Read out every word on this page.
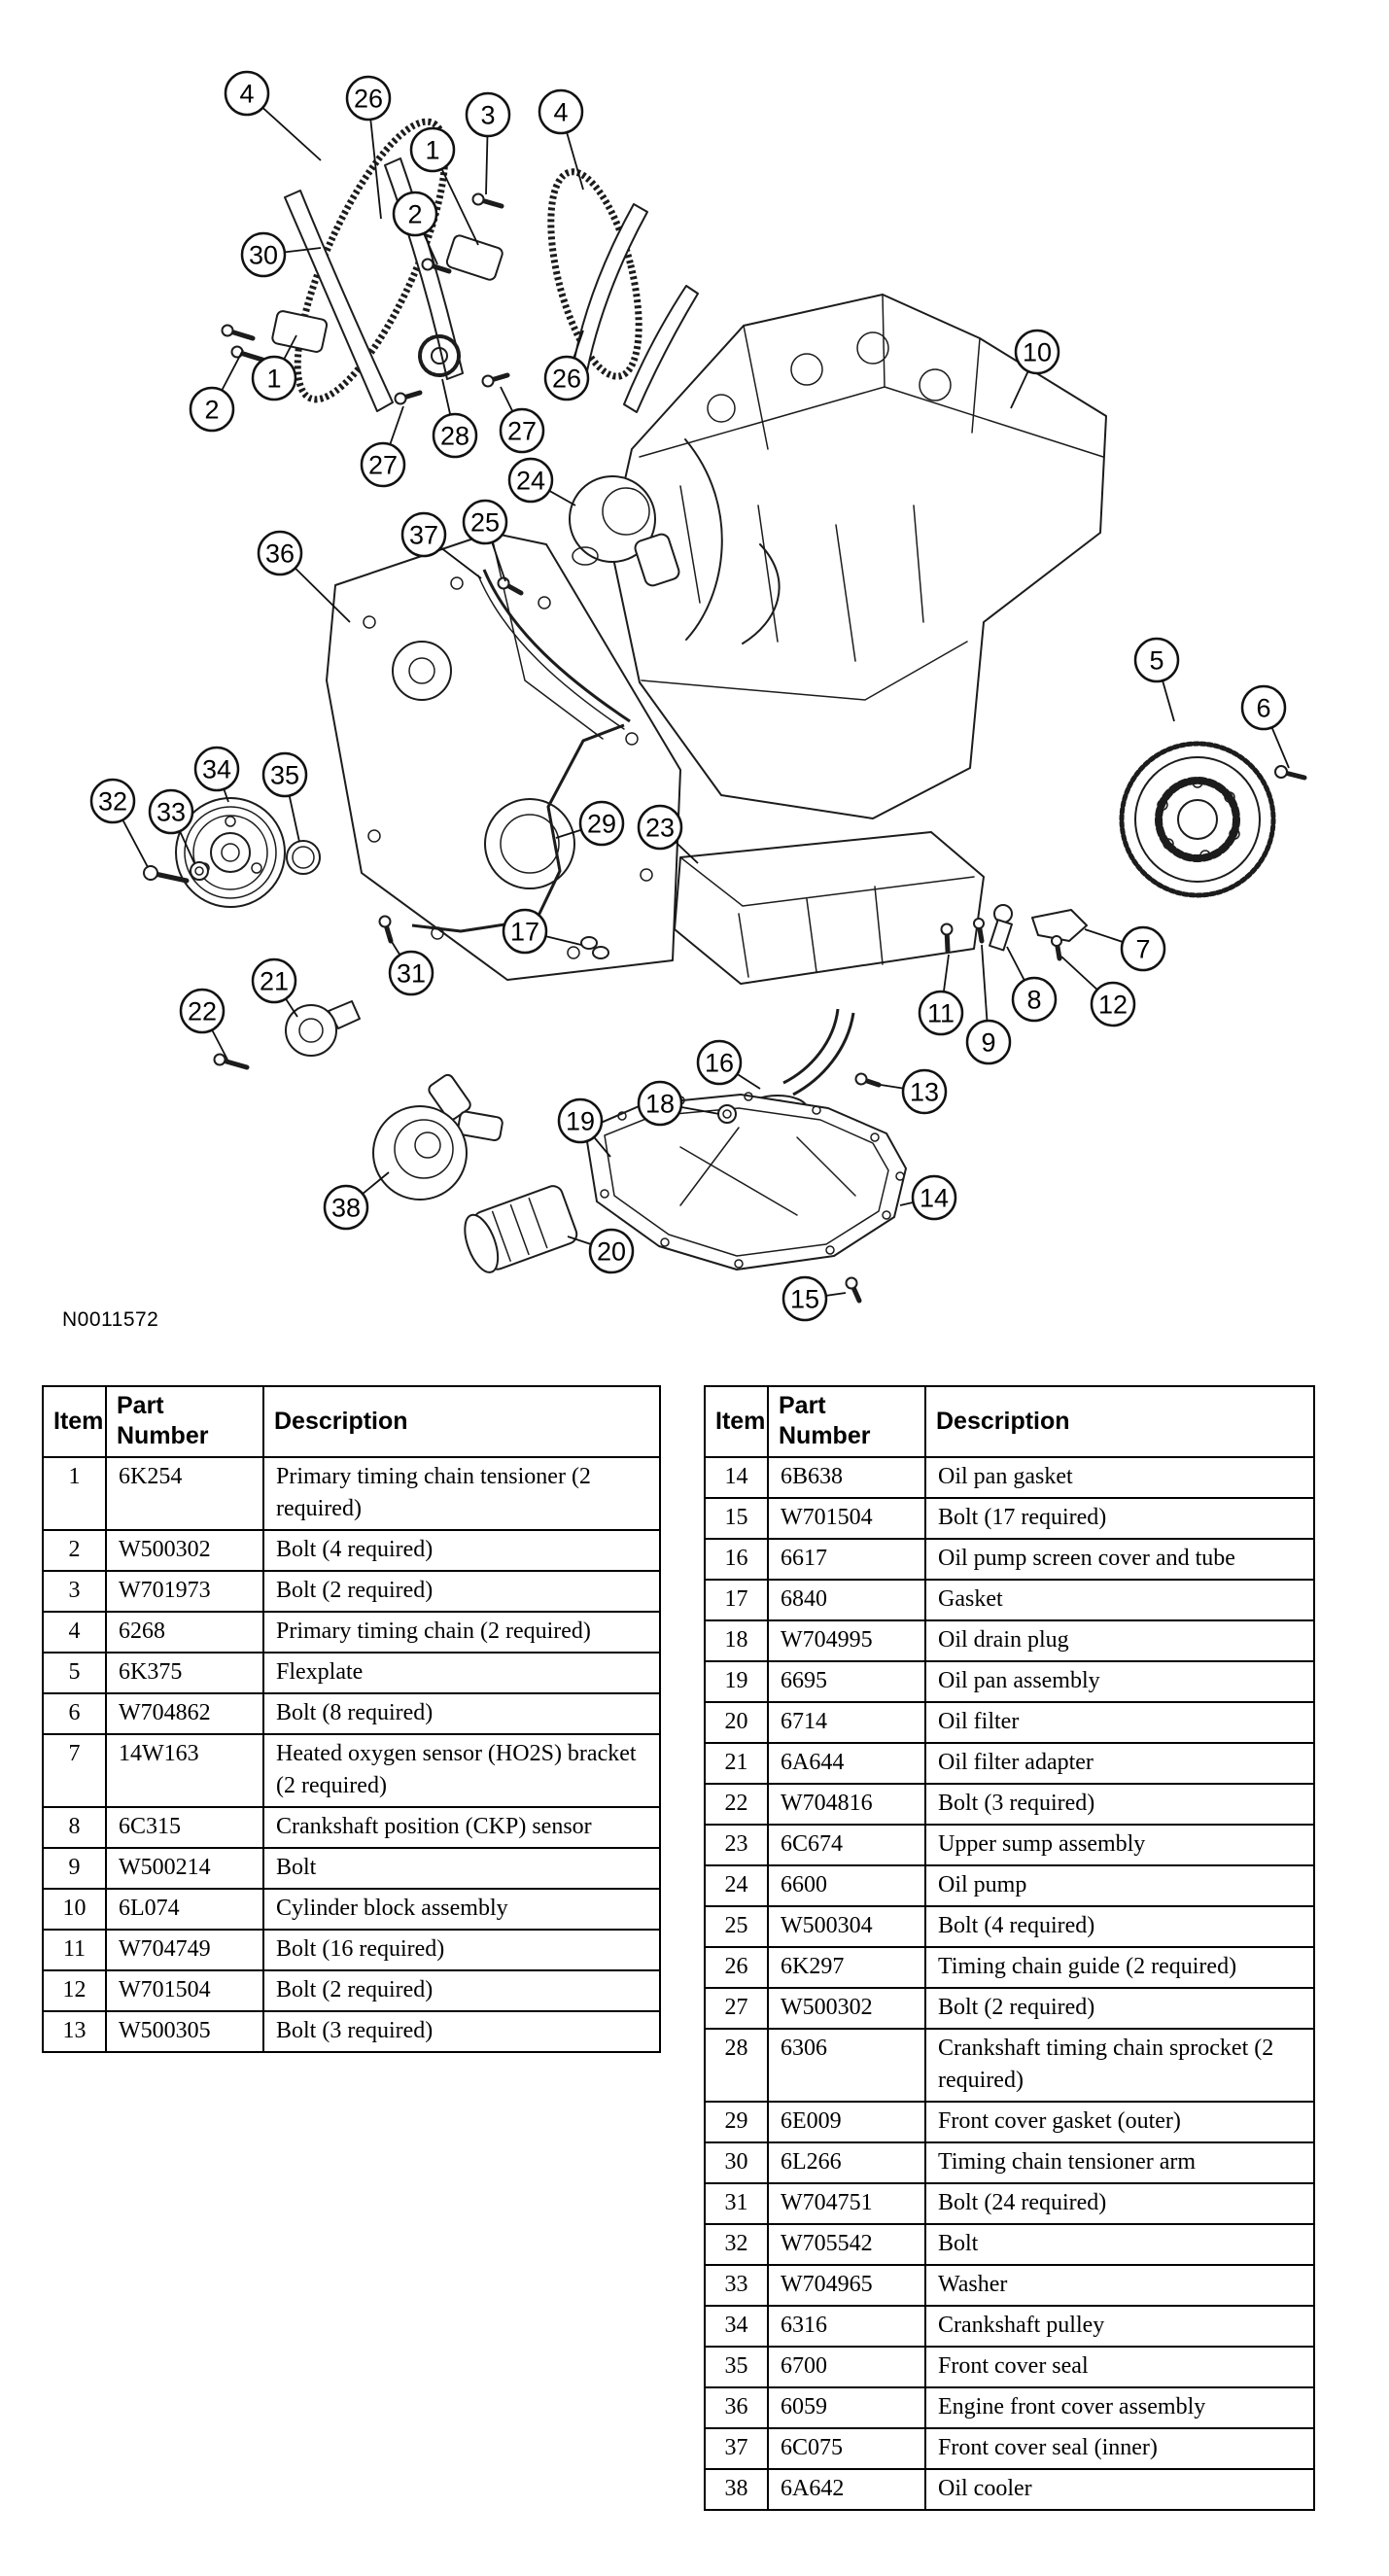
4	26
3 4
1
2
30
1
2
26
27
28 27
24
10
36
37 25
5
6
34 35
32 33	29 23
17
31
7
8 12
11
9
22
21
16
13
18
19
14
38
20
15
N0011572
Item	Part Number	Description
1	6K254	Primary timing chain tensioner (2 required)
2	W500302	Bolt (4 required)
3	W701973	Bolt (2 required)
4	6268	Primary timing chain (2 required)
5	6K375	Flexplate
6	W704862	Bolt (8 required)
7	14W163	Heated oxygen sensor (HO2S) bracket (2 required)
8	6C315	Crankshaft position (CKP) sensor
9	W500214	Bolt
10	6L074	Cylinder block assembly
11	W704749	Bolt (16 required)
12	W701504	Bolt (2 required)
13	W500305	Bolt (3 required)
Item	Part Number	Description
14	6B638	Oil pan gasket
15	W701504	Bolt (17 required)
16	6617	Oil pump screen cover and tube
17	6840	Gasket
18	W704995	Oil drain plug
19	6695	Oil pan assembly
20	6714	Oil filter
21	6A644	Oil filter adapter
22	W704816	Bolt (3 required)
23	6C674	Upper sump assembly
24	6600	Oil pump
25	W500304	Bolt (4 required)
26	6K297	Timing chain guide (2 required)
27	W500302	Bolt (2 required)
28	6306	Crankshaft timing chain sprocket (2 required)
29	6E009	Front cover gasket (outer)
30	6L266	Timing chain tensioner arm
31	W704751	Bolt (24 required)
32	W705542	Bolt
33	W704965	Washer
34	6316	Crankshaft pulley
35	6700	Front cover seal
36	6059	Engine front cover assembly
37	6C075	Front cover seal (inner)
38	6A642	Oil cooler
